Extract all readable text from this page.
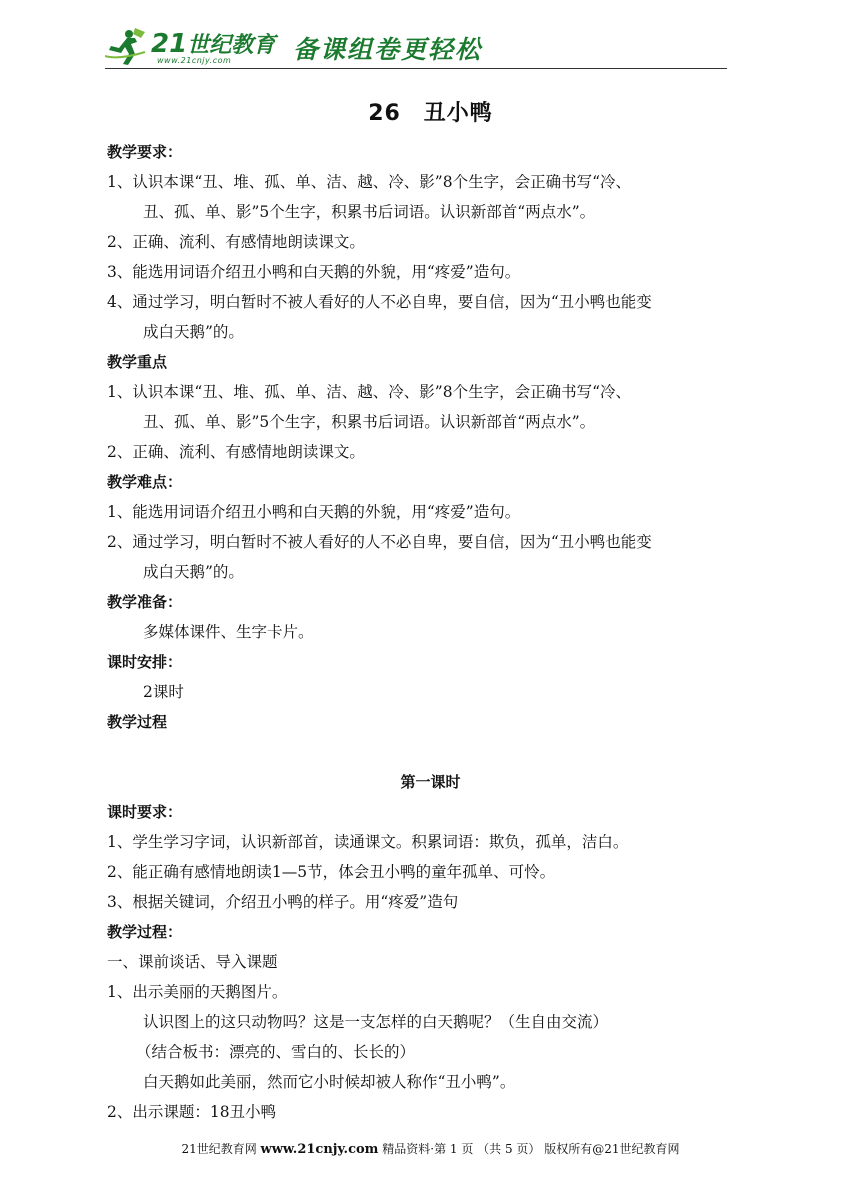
21世纪教育
www.21cnjy.com 备课组卷更轻松
26　丑小鸭
教学要求：
1、认识本课“丑、堆、孤、单、洁、越、冷、影”8个生字，会正确书写“冷、
丑、孤、单、影”5个生字，积累书后词语。认识新部首“两点水”。
2、正确、流利、有感情地朗读课文。
3、能选用词语介绍丑小鸭和白天鹅的外貌，用“疼爱”造句。
4、通过学习，明白暂时不被人看好的人不必自卑，要自信，因为“丑小鸭也能变
成白天鹅”的。
教学重点
1、认识本课“丑、堆、孤、单、洁、越、冷、影”8个生字，会正确书写“冷、
丑、孤、单、影”5个生字，积累书后词语。认识新部首“两点水”。
2、正确、流利、有感情地朗读课文。
教学难点：
1、能选用词语介绍丑小鸭和白天鹅的外貌，用“疼爱”造句。
2、通过学习，明白暂时不被人看好的人不必自卑，要自信，因为“丑小鸭也能变
成白天鹅”的。
教学准备：
多媒体课件、生字卡片。
课时安排：
2课时
教学过程
第一课时
课时要求：
1、学生学习字词，认识新部首，读通课文。积累词语：欺负，孤单，洁白。
2、能正确有感情地朗读1—5节，体会丑小鸭的童年孤单、可怜。
3、根据关键词，介绍丑小鸭的样子。用“疼爱”造句
教学过程：
一、课前谈话、导入课题
1、出示美丽的天鹅图片。
认识图上的这只动物吗？这是一支怎样的白天鹅呢？（生自由交流）
（结合板书：漂亮的、雪白的、长长的）
白天鹅如此美丽，然而它小时候却被人称作“丑小鸭”。
2、出示课题：18丑小鸭
21世纪教育网 www.21cnjy.com 精品资料·第 1 页 （共 5 页） 版权所有@21世纪教育网
